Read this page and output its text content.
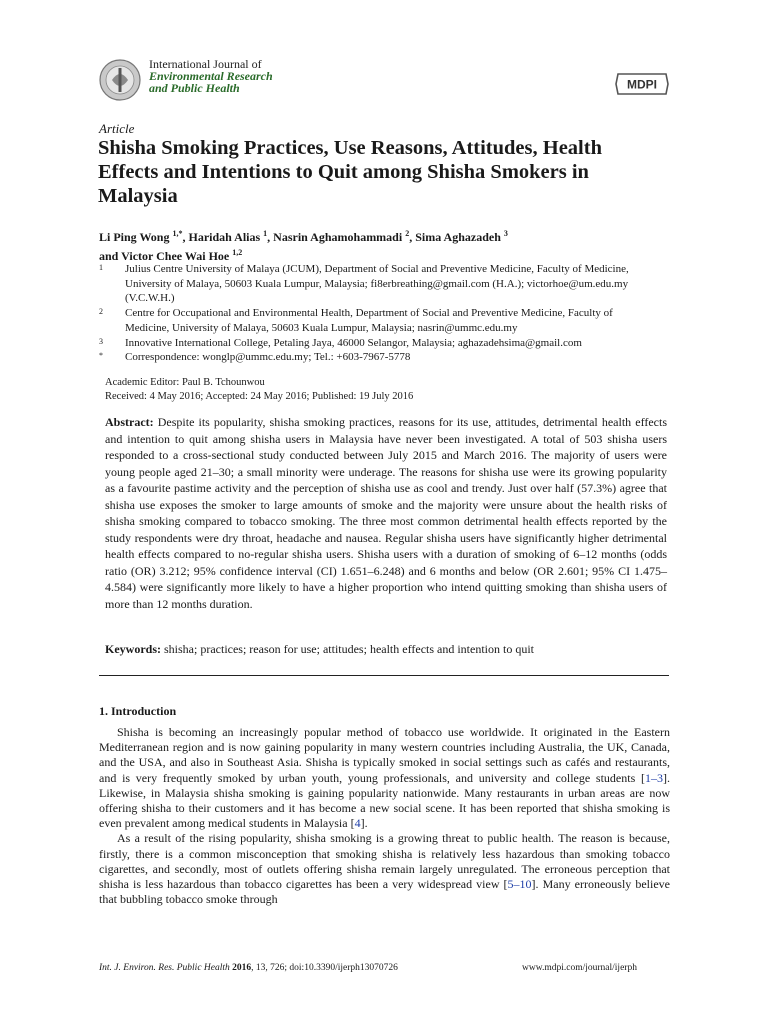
International Journal of
Environmental Research
and Public Health	MDPI
Article
Shisha Smoking Practices, Use Reasons, Attitudes, Health Effects and Intentions to Quit among Shisha Smokers in Malaysia
Li Ping Wong $^{1,*}$, Haridah Alias $^1$, Nasrin Aghamohammadi $^2$, Sima Aghazadeh $^3$
and Victor Chee Wai Hoe $^{1,2}$
1	Julius Centre University of Malaya (JCUM), Department of Social and Preventive Medicine, Faculty of Medicine, University of Malaya, 50603 Kuala Lumpur, Malaysia; fi8erbreathing@gmail.com (H.A.); victorhoe@um.edu.my (V.C.W.H.)
2	Centre for Occupational and Environmental Health, Department of Social and Preventive Medicine, Faculty of Medicine, University of Malaya, 50603 Kuala Lumpur, Malaysia; nasrin@ummc.edu.my
3	Innovative International College, Petaling Jaya, 46000 Selangor, Malaysia; aghazadehsima@gmail.com
*	Correspondence: wonglp@ummc.edu.my; Tel.: +603-7967-5778
Academic Editor: Paul B. Tchounwou
Received: 4 May 2016; Accepted: 24 May 2016; Published: 19 July 2016
Abstract: Despite its popularity, shisha smoking practices, reasons for its use, attitudes, detrimental health effects and intention to quit among shisha users in Malaysia have never been investigated. A total of 503 shisha users responded to a cross-sectional study conducted between July 2015 and March 2016. The majority of users were young people aged 21–30; a small minority were underage. The reasons for shisha use were its growing popularity as a favourite pastime activity and the perception of shisha use as cool and trendy. Just over half (57.3%) agree that shisha use exposes the smoker to large amounts of smoke and the majority were unsure about the health risks of shisha smoking compared to tobacco smoking. The three most common detrimental health effects reported by the study respondents were dry throat, headache and nausea. Regular shisha users have significantly higher detrimental health effects compared to no-regular shisha users. Shisha users with a duration of smoking of 6–12 months (odds ratio (OR) 3.212; 95% confidence interval (CI) 1.651–6.248) and 6 months and below (OR 2.601; 95% CI 1.475–4.584) were significantly more likely to have a higher proportion who intend quitting smoking than shisha users of more than 12 months duration.
Keywords: shisha; practices; reason for use; attitudes; health effects and intention to quit
1. Introduction

Shisha is becoming an increasingly popular method of tobacco use worldwide. It originated in the Eastern Mediterranean region and is now gaining popularity in many western countries including Australia, the UK, Canada, and the USA, and also in Southeast Asia. Shisha is typically smoked in social settings such as cafés and restaurants, and is very frequently smoked by urban youth, young professionals, and university and college students [1–3]. Likewise, in Malaysia shisha smoking is gaining popularity nationwide. Many restaurants in urban areas are now offering shisha to their customers and it has become a new social scene. It has been reported that shisha smoking is even prevalent among medical students in Malaysia [4].

As a result of the rising popularity, shisha smoking is a growing threat to public health. The reason is because, firstly, there is a common misconception that smoking shisha is relatively less hazardous than smoking tobacco cigarettes, and secondly, most of outlets offering shisha remain largely unregulated. The erroneous perception that shisha is less hazardous than tobacco cigarettes has been a very widespread view [5–10]. Many erroneously believe that bubbling tobacco smoke through

Int. J. Environ. Res. Public Health 2016, 13, 726; doi:10.3390/ijerph13070726	www.mdpi.com/journal/ijerph
